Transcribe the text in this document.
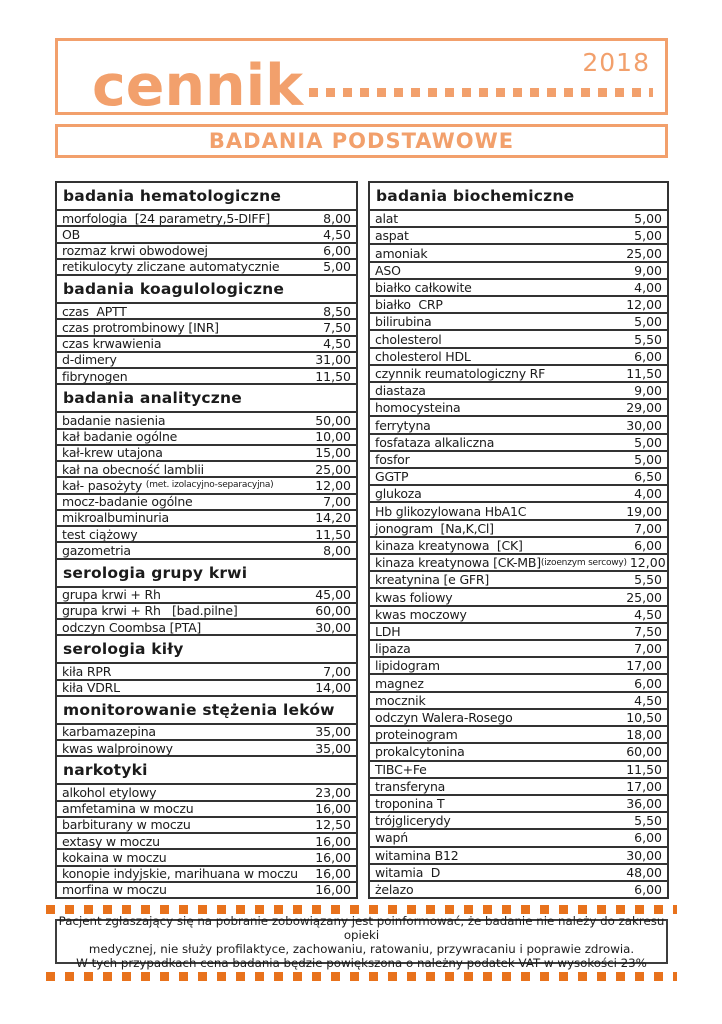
cennik	2018
BADANIA PODSTAWOWE
badania hematologiczne
morfologia  [24 parametry,5-DIFF]	8,00
OB	4,50
rozmaz krwi obwodowej	6,00
retikulocyty zliczane automatycznie	5,00
badania koagulologiczne
czas  APTT	8,50
czas protrombinowy [INR]	7,50
czas krwawienia	4,50
d-dimery	31,00
fibrynogen	11,50
badania analityczne
badanie nasienia	50,00
kał badanie ogólne	10,00
kał-krew utajona	15,00
kał na obecność lamblii	25,00
kał- pasożyty (met. izolacyjno-separacyjna)	12,00
mocz-badanie ogólne	7,00
mikroalbuminuria	14,20
test ciążowy	11,50
gazometria	8,00
serologia grupy krwi
grupa krwi + Rh	45,00
grupa krwi + Rh   [bad.pilne]	60,00
odczyn Coombsa [PTA]	30,00
serologia kiły
kiła RPR	7,00
kiła VDRL	14,00
monitorowanie stężenia leków
karbamazepina	35,00
kwas walproinowy	35,00
narkotyki
alkohol etylowy	23,00
amfetamina w moczu	16,00
barbiturany w moczu	12,50
extasy w moczu	16,00
kokaina w moczu	16,00
konopie indyjskie, marihuana w moczu 16,00
morfina w moczu	16,00
badania biochemiczne
alat	5,00
aspat	5,00
amoniak	25,00
ASO	9,00
białko całkowite	4,00
białko  CRP	12,00
bilirubina	5,00
cholesterol	5,50
cholesterol HDL	6,00
czynnik reumatologiczny RF	11,50
diastaza	9,00
homocysteina	29,00
ferrytyna	30,00
fosfataza alkaliczna	5,00
fosfor	5,00
GGTP	6,50
glukoza	4,00
Hb glikozylowana HbA1C	19,00
jonogram  [Na,K,Cl]	7,00
kinaza kreatynowa  [CK]	6,00
kinaza kreatynowa [CK-MB] (izoenzym sercowy) 12,00
kreatynina [e GFR]	5,50
kwas foliowy	25,00
kwas moczowy	4,50
LDH	7,50
lipaza	7,00
lipidogram	17,00
magnez	6,00
mocznik	4,50
odczyn Walera-Rosego	10,50
proteinogram	18,00
prokalcytonina	60,00
TIBC+Fe	11,50
transferyna	17,00
troponina T	36,00
trójglicerydy	5,50
wapń	6,00
witamina B12	30,00
witamia  D	48,00
żelazo	6,00
Pacjent zgłaszający się na pobranie zobowiązany jest poinformować, że badanie nie należy do zakresu opieki
medycznej, nie służy profilaktyce, zachowaniu, ratowaniu, przywracaniu i poprawie zdrowia.
W tych przypadkach cena badania będzie powiększona o należny podatek VAT w wysokości 23%
